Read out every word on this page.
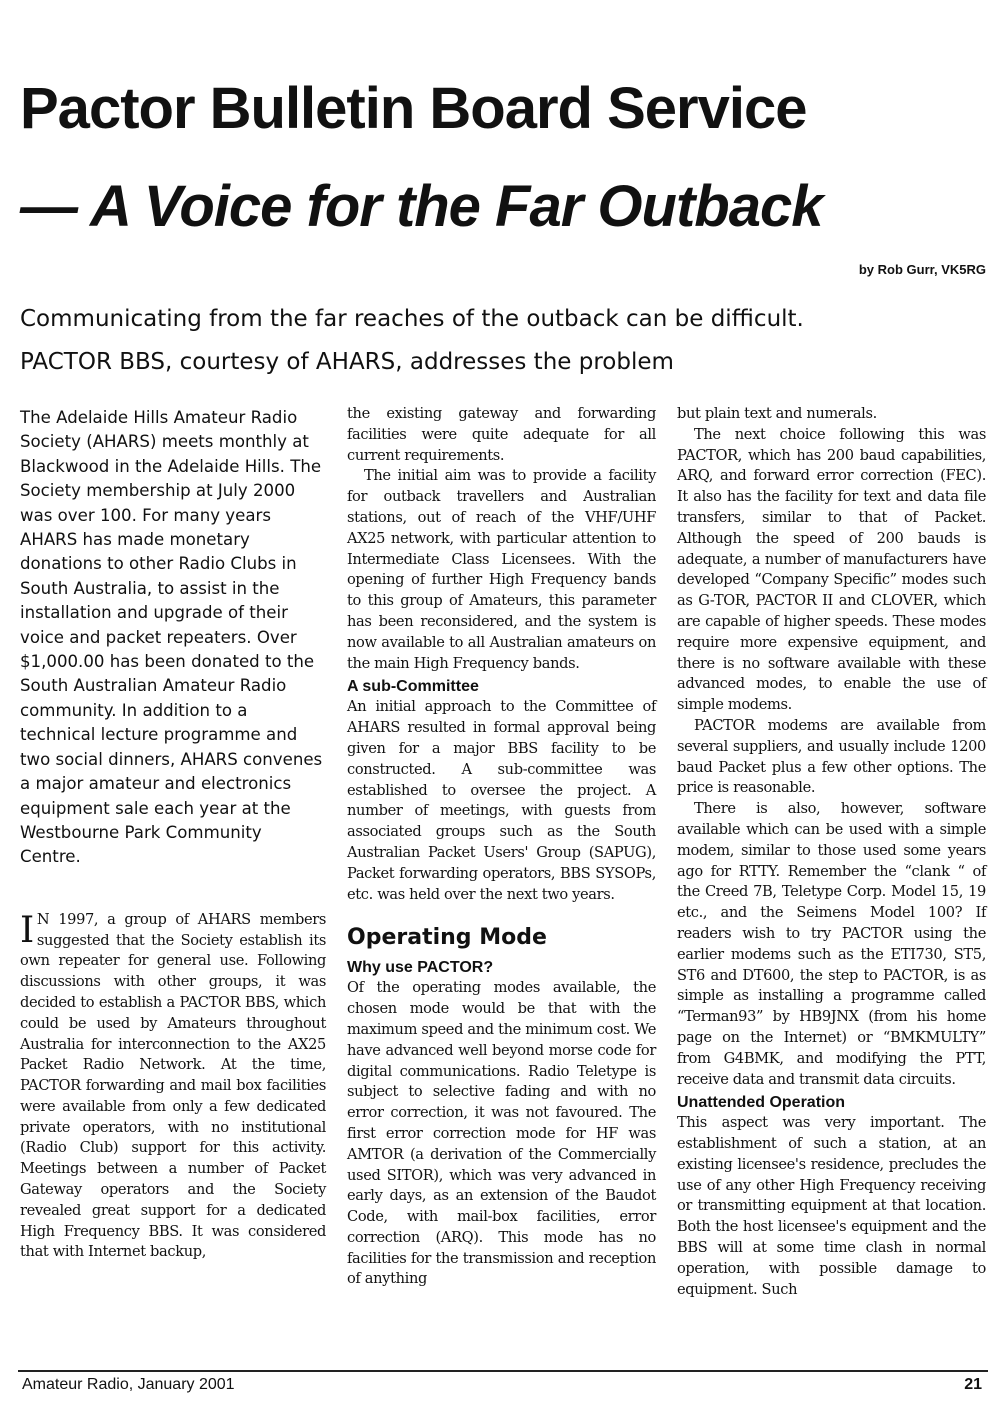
Pactor Bulletin Board Service
— A Voice for the Far Outback
by Rob Gurr, VK5RG

Communicating from the far reaches of the outback can be difficult.

PACTOR BBS, courtesy of AHARS, addresses the problem

The Adelaide Hills Amateur Radio Society (AHARS) meets monthly at Blackwood in the Adelaide Hills. The Society membership at July 2000 was over 100. For many years AHARS has made monetary donations to other Radio Clubs in South Australia, to assist in the installation and upgrade of their voice and packet repeaters. Over $1,000.00 has been donated to the South Australian Amateur Radio community. In addition to a technical lecture programme and two social dinners, AHARS convenes a major amateur and electronics equipment sale each year at the Westbourne Park Community Centre.

I N 1997, a group of AHARS members suggested that the Society establish its own repeater for general use. Following discussions with other groups, it was decided to establish a PACTOR BBS, which could be used by Amateurs throughout Australia for interconnection to the AX25 Packet Radio Network. At the time, PACTOR forwarding and mail box facilities were available from only a few dedicated private operators, with no institutional (Radio Club) support for this activity. Meetings between a number of Packet Gateway operators and the Society revealed great support for a dedicated High Frequency BBS. It was considered that with Internet backup,

the existing gateway and forwarding facilities were quite adequate for all current requirements.

The initial aim was to provide a facility for outback travellers and Australian stations, out of reach of the VHF/UHF AX25 network, with particular attention to Intermediate Class Licensees. With the opening of further High Frequency bands to this group of Amateurs, this parameter has been reconsidered, and the system is now available to all Australian amateurs on the main High Frequency bands.

A sub-Committee

An initial approach to the Committee of AHARS resulted in formal approval being given for a major BBS facility to be constructed. A sub-committee was established to oversee the project. A number of meetings, with guests from associated groups such as the South Australian Packet Users' Group (SAPUG), Packet forwarding operators, BBS SYSOPs, etc. was held over the next two years.

Operating Mode
Why use PACTOR?

Of the operating modes available, the chosen mode would be that with the maximum speed and the minimum cost. We have advanced well beyond morse code for digital communications. Radio Teletype is subject to selective fading and with no error correction, it was not favoured. The first error correction mode for HF was AMTOR (a derivation of the Commercially used SITOR), which was very advanced in early days, as an extension of the Baudot Code, with mail-box facilities, error correction (ARQ). This mode has no facilities for the transmission and reception of anything

but plain text and numerals.

The next choice following this was PACTOR, which has 200 baud capabilities, ARQ, and forward error correction (FEC). It also has the facility for text and data file transfers, similar to that of Packet. Although the speed of 200 bauds is adequate, a number of manufacturers have developed “Company Specific” modes such as G-TOR, PACTOR II and CLOVER, which are capable of higher speeds. These modes require more expensive equipment, and there is no software available with these advanced modes, to enable the use of simple modems.

PACTOR modems are available from several suppliers, and usually include 1200 baud Packet plus a few other options. The price is reasonable.

There is also, however, software available which can be used with a simple modem, similar to those used some years ago for RTTY. Remember the “clank “ of the Creed 7B, Teletype Corp. Model 15, 19 etc., and the Seimens Model 100? If readers wish to try PACTOR using the earlier modems such as the ETI730, ST5, ST6 and DT600, the step to PACTOR, is as simple as installing a programme called “Terman93” by HB9JNX (from his home page on the Internet) or “BMKMULTY” from G4BMK, and modifying the PTT, receive data and transmit data circuits.

Unattended Operation

This aspect was very important. The establishment of such a station, at an existing licensee's residence, precludes the use of any other High Frequency receiving or transmitting equipment at that location. Both the host licensee's equipment and the BBS will at some time clash in normal operation, with possible damage to equipment. Such

Amateur Radio, January 2001	21
